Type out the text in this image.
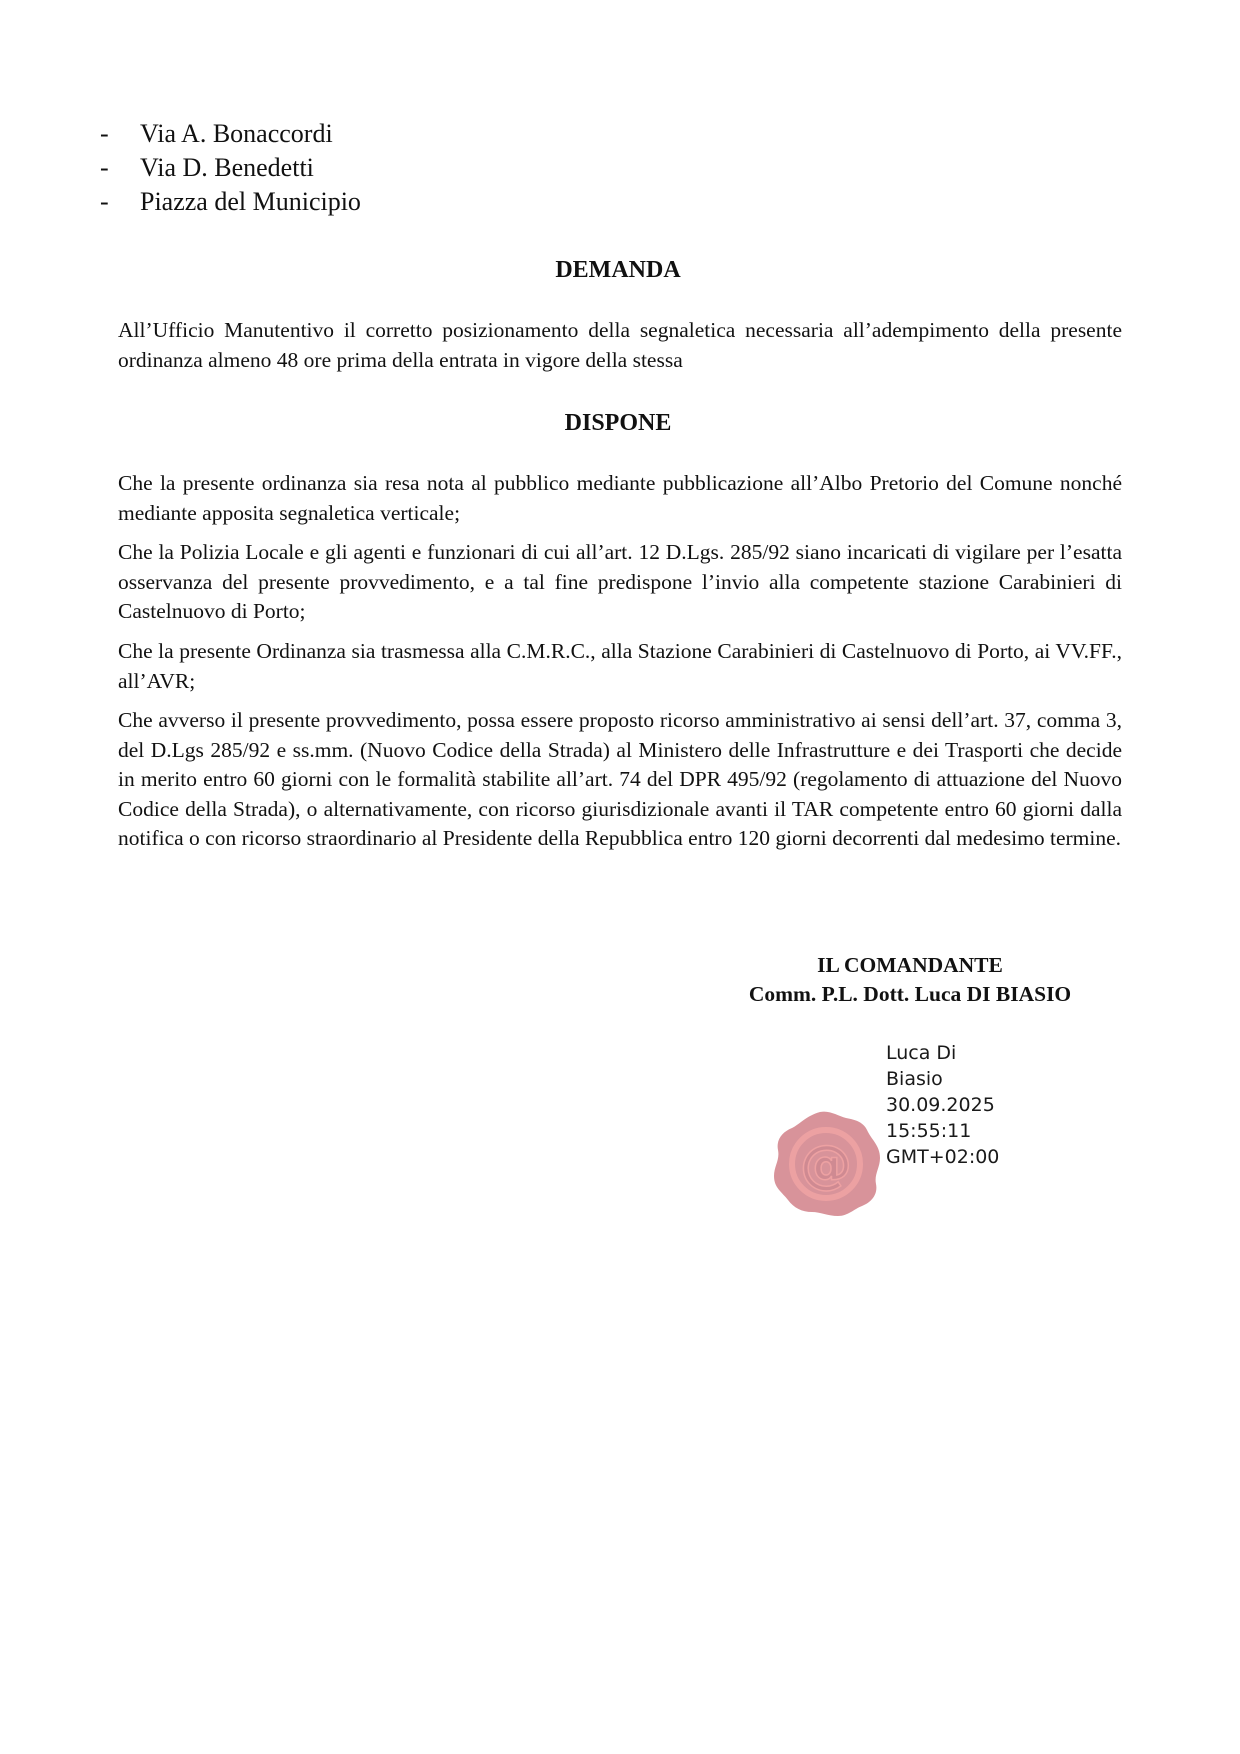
-	Via A. Bonaccordi
-	Via D. Benedetti
-	Piazza del Municipio
DEMANDA

All’Ufficio Manutentivo il corretto posizionamento della segnaletica necessaria all’adempimento della presente ordinanza almeno 48 ore prima della entrata in vigore della stessa

DISPONE

Che la presente ordinanza sia resa nota al pubblico mediante pubblicazione all’Albo Pretorio del Comune nonché mediante apposita segnaletica verticale;

Che la Polizia Locale e gli agenti e funzionari di cui all’art. 12 D.Lgs. 285/92 siano incaricati di vigilare per l’esatta osservanza del presente provvedimento, e a tal fine predispone l’invio alla competente stazione Carabinieri di Castelnuovo di Porto;

Che la presente Ordinanza sia trasmessa alla C.M.R.C., alla Stazione Carabinieri di Castelnuovo di Porto, ai VV.FF., all’AVR;

Che avverso il presente provvedimento, possa essere proposto ricorso amministrativo ai sensi dell’art. 37, comma 3, del D.Lgs 285/92 e ss.mm. (Nuovo Codice della Strada) al Ministero delle Infrastrutture e dei Trasporti che decide in merito entro 60 giorni con le formalità stabilite all’art. 74 del DPR 495/92 (regolamento di attuazione del Nuovo Codice della Strada), o alternativamente, con ricorso giurisdizionale avanti il TAR competente entro 60 giorni dalla notifica o con ricorso straordinario al Presidente della Repubblica entro 120 giorni decorrenti dal medesimo termine.

IL COMANDANTE
Comm. P.L. Dott. Luca DI BIASIO
@
Luca Di
Biasio
30.09.2025
15:55:11
GMT+02:00
